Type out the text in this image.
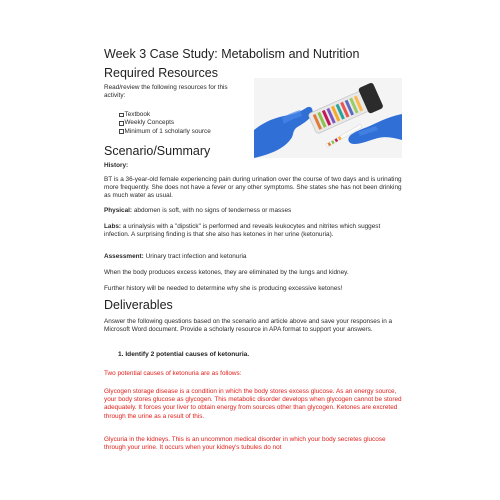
Week 3 Case Study: Metabolism and Nutrition
Required Resources
Read/review the following resources for this activity:
Textbook
Weekly Concepts
Minimum of 1 scholarly source
Scenario/Summary
History:
BT is a 36-year-old female experiencing pain during urination over the course of two days and is urinating more frequently. She does not have a fever or any other symptoms. She states she has not been drinking as much water as usual.
Physical: abdomen is soft, with no signs of tenderness or masses
Labs: a urinalysis with a "dipstick" is performed and reveals leukocytes and nitrites which suggest infection. A surprising finding is that she also has ketones in her urine (ketonuria).
Assessment: Urinary tract infection and ketonuria
When the body produces excess ketones, they are eliminated by the lungs and kidney.
Further history will be needed to determine why she is producing excessive ketones!
Deliverables
Answer the following questions based on the scenario and article above and save your responses in a Microsoft Word document. Provide a scholarly resource in APA format to support your answers.
1. Identify 2 potential causes of ketonuria.
Two potential causes of ketonuria are as follows:
Glycogen storage disease is a condition in which the body stores excess glucose. As an energy source, your body stores glucose as glycogen. This metabolic disorder develops when glycogen cannot be stored adequately. It forces your liver to obtain energy from sources other than glycogen. Ketones are excreted through the urine as a result of this.
Glycuria in the kidneys. This is an uncommon medical disorder in which your body secretes glucose through your urine. It occurs when your kidney's tubules do not
